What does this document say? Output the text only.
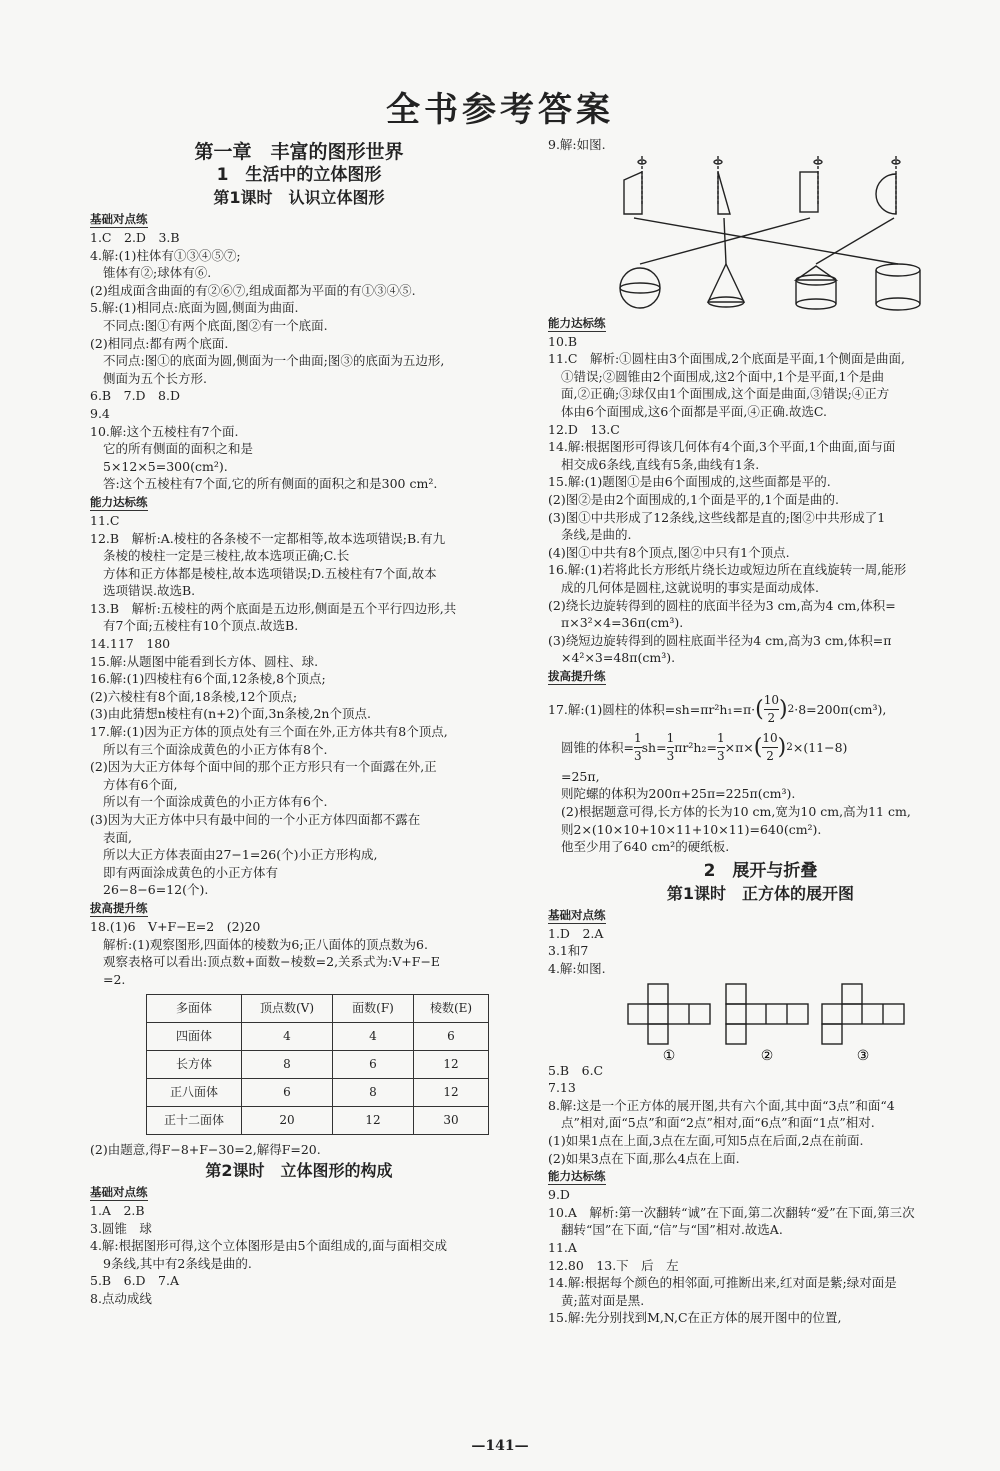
全书参考答案
第一章　丰富的图形世界
1　生活中的立体图形
第1课时　认识立体图形
基础对点练
1.C　2.D　3.B
4.解:(1)柱体有①③④⑤⑦;
锥体有②;球体有⑥.
(2)组成面含曲面的有②⑥⑦,组成面都为平面的有①③④⑤.
5.解:(1)相同点:底面为圆,侧面为曲面.
不同点:图①有两个底面,图②有一个底面.
(2)相同点:都有两个底面.
不同点:图①的底面为圆,侧面为一个曲面;图③的底面为五边形,
侧面为五个长方形.
6.B　7.D　8.D
9.4
10.解:这个五棱柱有7个面.
它的所有侧面的面积之和是
5×12×5=300(cm²).
答:这个五棱柱有7个面,它的所有侧面的面积之和是300 cm².
能力达标练
11.C
12.B　解析:A.棱柱的各条棱不一定都相等,故本选项错误;B.有九
条棱的棱柱一定是三棱柱,故本选项正确;C.长
方体和正方体都是棱柱,故本选项错误;D.五棱柱有7个面,故本
选项错误.故选B.
13.B　解析:五棱柱的两个底面是五边形,侧面是五个平行四边形,共
有7个面;五棱柱有10个顶点.故选B.
14.117　180
15.解:从题图中能看到长方体、圆柱、球.
16.解:(1)四棱柱有6个面,12条棱,8个顶点;
(2)六棱柱有8个面,18条棱,12个顶点;
(3)由此猜想n棱柱有(n+2)个面,3n条棱,2n个顶点.
17.解:(1)因为正方体的顶点处有三个面在外,正方体共有8个顶点,
所以有三个面涂成黄色的小正方体有8个.
(2)因为大正方体每个面中间的那个正方形只有一个面露在外,正
方体有6个面,
所以有一个面涂成黄色的小正方体有6个.
(3)因为大正方体中只有最中间的一个小正方体四面都不露在
表面,
所以大正方体表面由27−1=26(个)小正方形构成,
即有两面涂成黄色的小正方体有
26−8−6=12(个).
拔高提升练
18.(1)6　V+F−E=2　(2)20
解析:(1)观察图形,四面体的棱数为6;正八面体的顶点数为6.
观察表格可以看出:顶点数+面数−棱数=2,关系式为:V+F−E
=2.
多面体	顶点数(V)	面数(F)	棱数(E)
四面体	4	4	6
长方体	8	6	12
正八面体	6	8	12
正十二面体	20	12	30
(2)由题意,得F−8+F−30=2,解得F=20.
第2课时　立体图形的构成
基础对点练
1.A　2.B
3.圆锥　球
4.解:根据图形可得,这个立体图形是由5个面组成的,面与面相交成
9条线,其中有2条线是曲的.
5.B　6.D　7.A
8.点动成线
9.解:如图.
能力达标练
10.B
11.C　解析:①圆柱由3个面围成,2个底面是平面,1个侧面是曲面,
①错误;②圆锥由2个面围成,这2个面中,1个是平面,1个是曲
面,②正确;③球仅由1个面围成,这个面是曲面,③错误;④正方
体由6个面围成,这6个面都是平面,④正确.故选C.
12.D　13.C
14.解:根据图形可得该几何体有4个面,3个平面,1个曲面,面与面
相交成6条线,直线有5条,曲线有1条.
15.解:(1)题图①是由6个面围成的,这些面都是平的.
(2)图②是由2个面围成的,1个面是平的,1个面是曲的.
(3)图①中共形成了12条线,这些线都是直的;图②中共形成了1
条线,是曲的.
(4)图①中共有8个顶点,图②中只有1个顶点.
16.解:(1)若将此长方形纸片绕长边或短边所在直线旋转一周,能形
成的几何体是圆柱,这就说明的事实是面动成体.
(2)绕长边旋转得到的圆柱的底面半径为3 cm,高为4 cm,体积=
π×3²×4=36π(cm³).
(3)绕短边旋转得到的圆柱底面半径为4 cm,高为3 cm,体积=π
×4²×3=48π(cm³).
拔高提升练
17.解:(1)圆柱的体积=sh=πr²h₁=π· ( $\frac{10}{2}$ ) 2 ·8=200π(cm³),
圆锥的体积= $\frac{1}{3} sh= \frac{1}{3} \pi r^2h_2= \frac{1}{3} \times\pi\times$ ( $\frac{10}{2}$ ) 2 ×(11−8)
=25π,
则陀螺的体积为200π+25π=225π(cm³).
(2)根据题意可得,长方体的长为10 cm,宽为10 cm,高为11 cm,
则2×(10×10+10×11+10×11)=640(cm²).
他至少用了640 cm²的硬纸板.
2　展开与折叠
第1课时　正方体的展开图
基础对点练
1.D　2.A
3.1和7
4.解:如图.
①	②	③
5.B　6.C
7.13
8.解:这是一个正方体的展开图,共有六个面,其中面“3点”和面“4
点”相对,面“5点”和面“2点”相对,面“6点”和面“1点”相对.
(1)如果1点在上面,3点在左面,可知5点在后面,2点在前面.
(2)如果3点在下面,那么4点在上面.
能力达标练
9.D
10.A　解析:第一次翻转“诚”在下面,第二次翻转“爱”在下面,第三次
翻转“国”在下面,“信”与“国”相对.故选A.
11.A
12.80　13.下　后　左
14.解:根据每个颜色的相邻面,可推断出来,红对面是紫;绿对面是
黄;蓝对面是黑.
15.解:先分别找到M,N,C在正方体的展开图中的位置,
—141—
